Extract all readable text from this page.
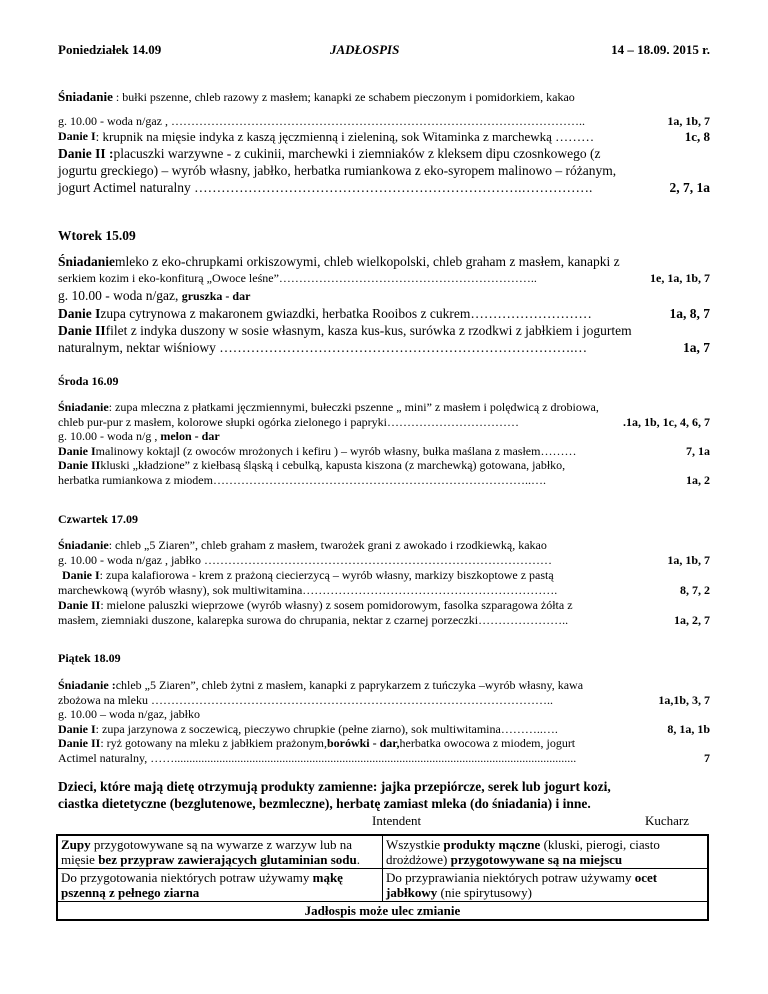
Poniedziałek 14.09	JADŁOSPIS	14 – 18.09. 2015 r.
Śniadanie : bułki pszenne, chleb razowy z masłem; kanapki ze schabem pieczonym i pomidorkiem, kakao
g. 10.00 - woda n/gaz , …………………………………………………………………………………………..	1a, 1b, 7
Danie I : krupnik na mięsie indyka z kaszą jęczmienną i zieleniną, sok Witaminka z marchewką ………	1c, 8
Danie II : placuszki warzywne - z cukinii, marchewki i ziemniaków z kleksem dipu czosnkowego (z
jogurtu greckiego) – wyrób własny, jabłko, herbatka rumiankowa z eko-syropem malinowo – różanym,
jogurt Actimel naturalny ……………………………………………………………….…………….	2, 7, 1a
Wtorek 15.09
Śniadanie mleko z eko-chrupkami orkiszowymi, chleb wielkopolski, chleb graham z masłem, kanapki z
serkiem kozim i eko-konfiturą „Owoce leśne”………………………………………………………..	1e, 1a, 1b, 7
g. 10.00 - woda n/gaz, gruszka - dar
Danie I zupa cytrynowa z makaronem gwiazdki, herbatka Rooibos z cukrem………………………	1a, 8, 7
Danie II filet z indyka duszony w sosie własnym, kasza kus-kus, surówka z rzodkwi z jabłkiem i jogurtem
naturalnym, nektar wiśniowy …………………………………………………………………….…	1a, 7
Środa 16.09
Śniadanie : zupa mleczna z płatkami jęczmiennymi, bułeczki pszenne „ mini” z masłem i polędwicą z drobiowa,
chleb pur-pur z masłem, kolorowe słupki ogórka zielonego i papryki……………………………	.1a, 1b, 1c, 4, 6, 7
g. 10.00 - woda n/g , melon - dar
Danie I malinowy koktajl (z owoców mrożonych i kefiru ) – wyrób własny, bułka maślana z masłem………	7, 1a
Danie II kluski „kładzione” z kiełbasą śląską i cebulką, kapusta kiszona (z marchewką) gotowana, jabłko,
herbatka rumiankowa z miodem……………………………………………………………………..….	1a, 2
Czwartek 17.09
Śniadanie : chleb „5 Ziaren”, chleb graham z masłem, twarożek grani z awokado i rzodkiewką, kakao
g. 10.00 - woda n/gaz , jabłko ……………………………………………………………………………	1a, 1b, 7
Danie I : zupa kalafiorowa - krem z prażoną ciecierzycą – wyrób własny, markizy biszkoptowe z pastą
marchewkową (wyrób własny), sok multiwitamina……………………………………………………….	8, 7, 2
Danie II : mielone paluszki wieprzowe (wyrób własny) z sosem pomidorowym, fasolka szparagowa żółta z
masłem, ziemniaki duszone, kalarepka surowa do chrupania, nektar z czarnej porzeczki…………………..	1a, 2, 7
Piątek 18.09
Śniadanie : chleb „5 Ziaren”, chleb żytni z masłem, kanapki z paprykarzem z tuńczyka –wyrób własny, kawa
zbożowa na mleku ………………………………………………………………………………………..	1a,1b, 3, 7
g. 10.00 – woda n/gaz, jabłko
Danie I : zupa jarzynowa z soczewicą, pieczywo chrupkie (pełne ziarno), sok multiwitamina………..….	8, 1a, 1b
Danie II : ryż gotowany na mleku z jabłkiem prażonym, borówki - dar, herbatka owocowa z miodem, jogurt
Actimel naturalny, ……......................................................................................................................................	7
Dzieci, które mają dietę otrzymują produkty zamienne: jajka przepiórcze, serek lub jogurt kozi,
ciastka dietetyczne (bezglutenowe, bezmleczne), herbatę zamiast mleka (do śniadania) i inne.
Intendent	Kucharz
Zupy przygotowywane są na wywarze z warzyw lub na mięsie bez przypraw zawierających glutaminian sodu.	Wszystkie produkty mączne (kluski, pierogi, ciasto drożdżowe) przygotowywane są na miejscu
Do przygotowania niektórych potraw używamy mąkę pszenną z pełnego ziarna	Do przyprawiania niektórych potraw używamy ocet jabłkowy (nie spirytusowy)
Jadłospis może ulec zmianie	
